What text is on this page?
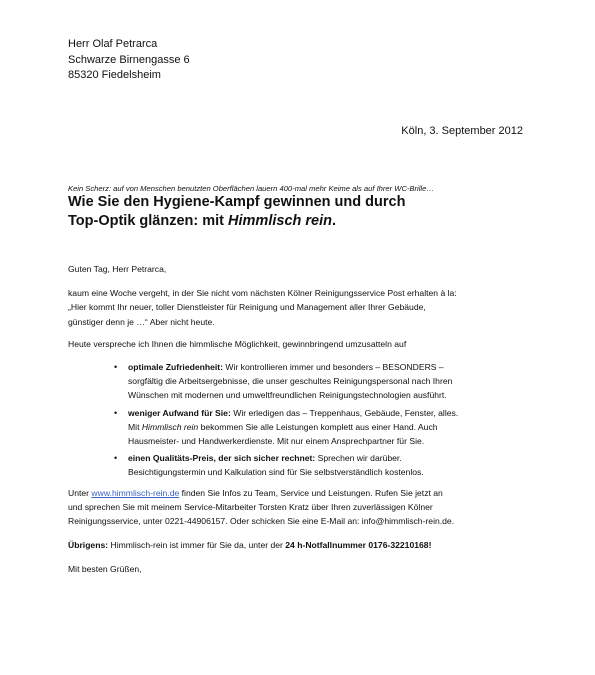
Herr Olaf Petrarca
Schwarze Birnengasse 6
85320 Fiedelsheim
Köln, 3. September 2012
Kein Scherz: auf von Menschen benutzten Oberflächen lauern 400-mal mehr Keime als auf Ihrer WC-Brille…
Wie Sie den Hygiene-Kampf gewinnen und durch
Top-Optik glänzen: mit Himmlisch rein.

Guten Tag, Herr Petrarca,

kaum eine Woche vergeht, in der Sie nicht vom nächsten Kölner Reinigungsservice Post erhalten à la:

„Hier kommt Ihr neuer, toller Dienstleister für Reinigung und Management aller Ihrer Gebäude,

günstiger denn je …“ Aber nicht heute.

Heute verspreche ich Ihnen die himmlische Möglichkeit, gewinnbringend umzusatteln auf

• optimale Zufriedenheit: Wir kontrollieren immer und besonders – BESONDERS –
sorgfältig die Arbeitsergebnisse, die unser geschultes Reinigungspersonal nach Ihren
Wünschen mit modernen und umweltfreundlichen Reinigungstechnologien ausführt.
• weniger Aufwand für Sie: Wir erledigen das – Treppenhaus, Gebäude, Fenster, alles.
Mit Himmlisch rein bekommen Sie alle Leistungen komplett aus einer Hand. Auch
Hausmeister- und Handwerkerdienste. Mit nur einem Ansprechpartner für Sie.
• einen Qualitäts-Preis, der sich sicher rechnet: Sprechen wir darüber.
Besichtigungstermin und Kalkulation sind für Sie selbstverständlich kostenlos.

Unter www.himmlisch-rein.de finden Sie Infos zu Team, Service und Leistungen. Rufen Sie jetzt an

und sprechen Sie mit meinem Service-Mitarbeiter Torsten Kratz über Ihren zuverlässigen Kölner

Reinigungsservice, unter 0221-44906157. Oder schicken Sie eine E-Mail an: info@himmlisch-rein.de.

Übrigens: Himmlisch-rein ist immer für Sie da, unter der 24 h-Notfallnummer 0176-32210168!

Mit besten Grüßen,
